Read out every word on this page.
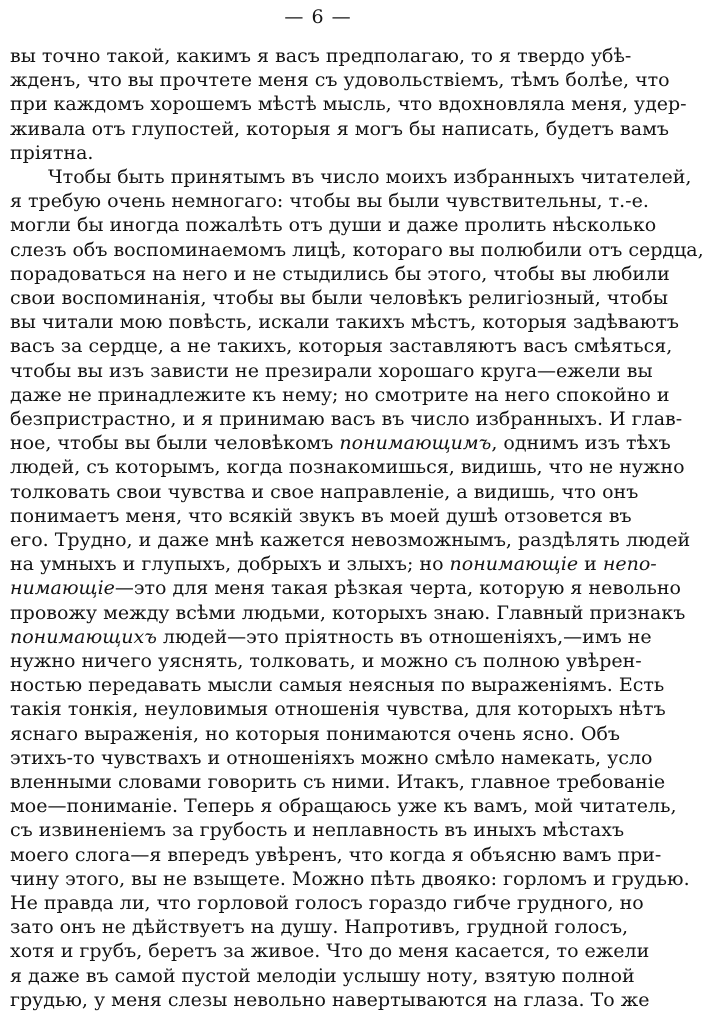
— 6 —
вы точно такой, какимъ я васъ предполагаю, то я твердо убѣ-
жденъ, что вы прочтете меня съ удовольствіемъ, тѣмъ болѣе, что
при каждомъ хорошемъ мѣстѣ мысль, что вдохновляла меня, удер-
живала отъ глупостей, которыя я могъ бы написать, будетъ вамъ
пріятна.
Чтобы быть принятымъ въ число моихъ избранныхъ читателей,
я требую очень немногаго: чтобы вы были чувствительны, т.-е.
могли бы иногда пожалѣть отъ души и даже пролить нѣсколько
слезъ объ воспоминаемомъ лицѣ, котораго вы полюбили отъ сердца,
порадоваться на него и не стыдились бы этого, чтобы вы любили
свои воспоминанія, чтобы вы были человѣкъ религіозный, чтобы
вы читали мою повѣсть, искали такихъ мѣстъ, которыя задѣваютъ
васъ за сердце, а не такихъ, которыя заставляютъ васъ смѣяться,
чтобы вы изъ зависти не презирали хорошаго круга—ежели вы
даже не принадлежите къ нему; но смотрите на него спокойно и
безпристрастно, и я принимаю васъ въ число избранныхъ. И глав-
ное, чтобы вы были человѣкомъ понимающимъ, однимъ изъ тѣхъ
людей, съ которымъ, когда познакомишься, видишь, что не нужно
толковать свои чувства и свое направленіе, а видишь, что онъ
понимаетъ меня, что всякій звукъ въ моей душѣ отзовется въ
его. Трудно, и даже мнѣ кажется невозможнымъ, раздѣлять людей
на умныхъ и глупыхъ, добрыхъ и злыхъ; но понимающіе и непо-
нимающіе—это для меня такая рѣзкая черта, которую я невольно
провожу между всѣми людьми, которыхъ знаю. Главный признакъ
понимающихъ людей—это пріятность въ отношеніяхъ,—имъ не
нужно ничего уяснять, толковать, и можно съ полною увѣрен-
ностью передавать мысли самыя неясныя по выраженіямъ. Есть
такія тонкія, неуловимыя отношенія чувства, для которыхъ нѣтъ
яснаго выраженія, но которыя понимаются очень ясно. Объ
этихъ-то чувствахъ и отношеніяхъ можно смѣло намекать, усло
вленными словами говорить съ ними. Итакъ, главное требованіе
мое—пониманіе. Теперь я обращаюсь уже къ вамъ, мой читатель,
съ извиненіемъ за грубость и неплавность въ иныхъ мѣстахъ
моего слога—я впередъ увѣренъ, что когда я объясню вамъ при-
чину этого, вы не взыщете. Можно пѣть двояко: горломъ и грудью.
Не правда ли, что горловой голосъ гораздо гибче грудного, но
зато онъ не дѣйствуетъ на душу. Напротивъ, грудной голосъ,
хотя и грубъ, беретъ за живое. Что до меня касается, то ежели
я даже въ самой пустой мелодіи услышу ноту, взятую полной
грудью, у меня слезы невольно навертываются на глаза. То же
